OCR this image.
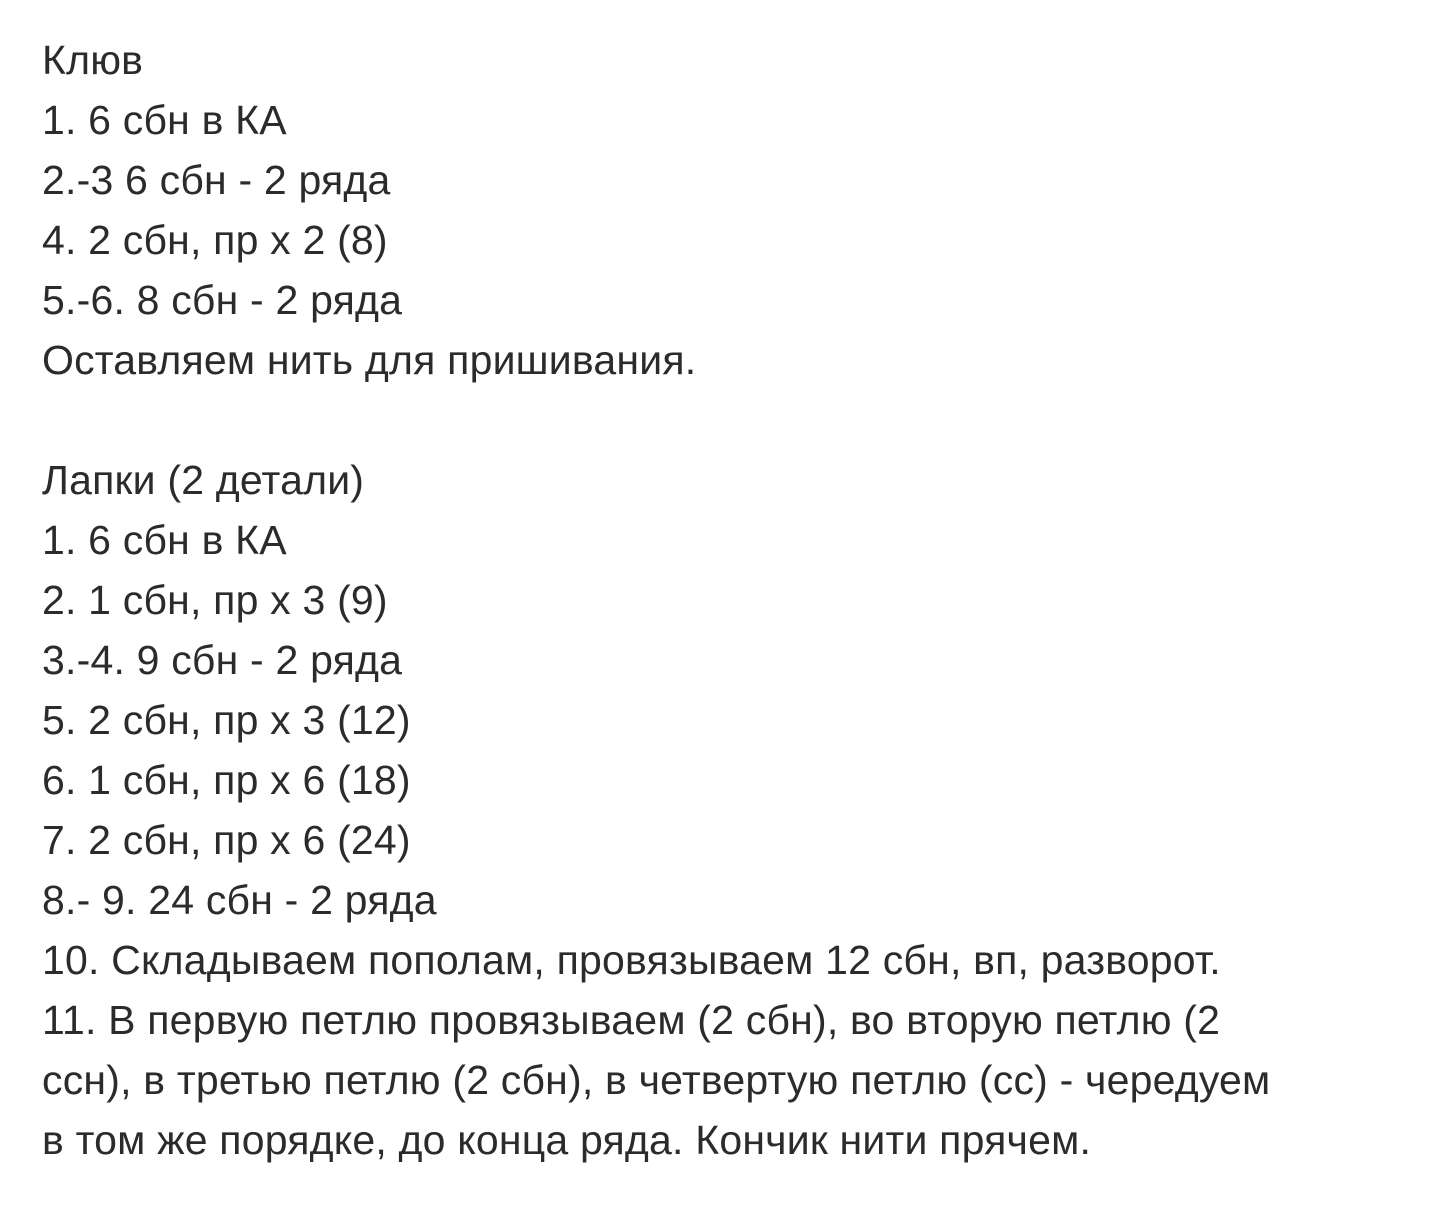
Клюв
1. 6 сбн в КА
2.-3 6 сбн - 2 ряда
4. 2 сбн, пр х 2 (8)
5.-6. 8 сбн - 2 ряда
Оставляем нить для пришивания.
Лапки (2 детали)
1. 6 сбн в КА
2. 1 сбн, пр х 3 (9)
3.-4. 9 сбн - 2 ряда
5. 2 сбн, пр х 3 (12)
6. 1 сбн, пр х 6 (18)
7. 2 сбн, пр х 6 (24)
8.- 9. 24 сбн - 2 ряда
10. Складываем пополам, провязываем 12 сбн, вп, разворот.
11. В первую петлю провязываем (2 сбн), во вторую петлю (2
ссн), в третью петлю (2 сбн), в четвертую петлю (сс) - чередуем
в том же порядке, до конца ряда. Кончик нити прячем.
